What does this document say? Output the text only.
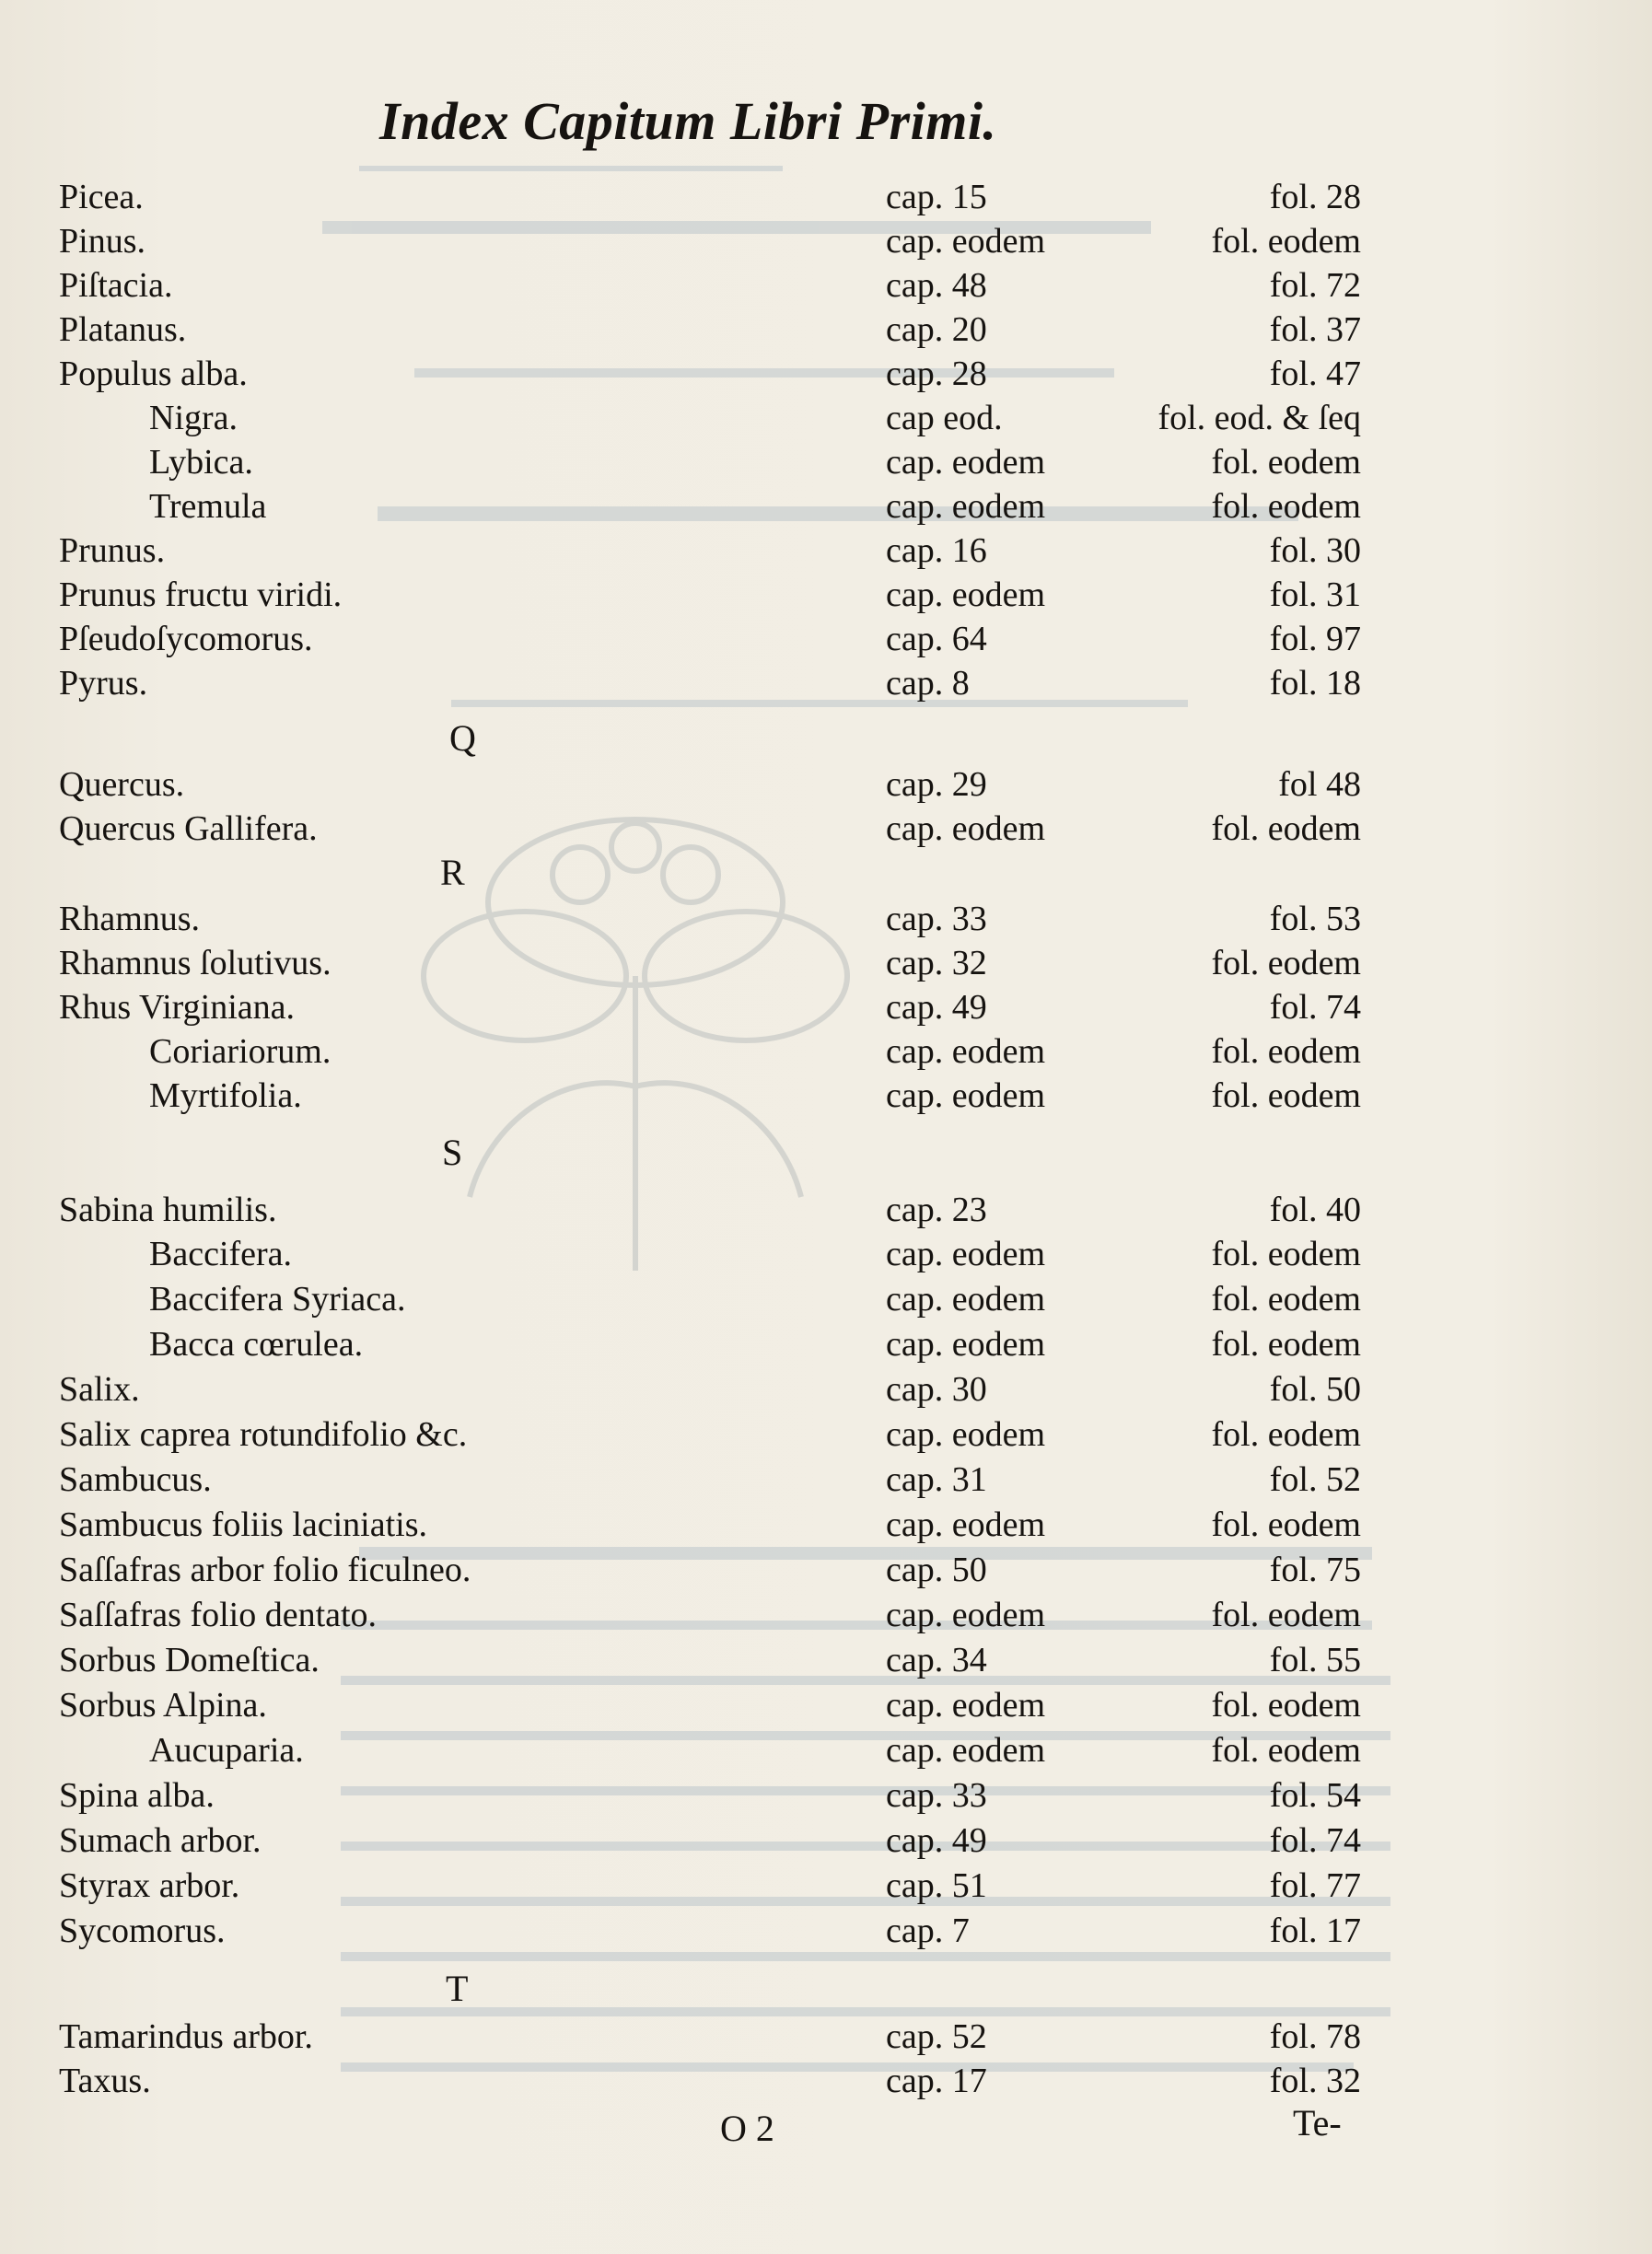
Index Capitum Libri Primi.
Picea.	cap. 15	fol. 28
Pinus.	cap. eodem	fol. eodem
Piſtacia.	cap. 48	fol. 72
Platanus.	cap. 20	fol. 37
Populus alba.	cap. 28	fol. 47
Nigra.	cap eod.	fol. eod. & ſeq
Lybica.	cap. eodem	fol. eodem
Tremula	cap. eodem	fol. eodem
Prunus.	cap. 16	fol. 30
Prunus fructu viridi.	cap. eodem	fol. 31
Pſeudoſycomorus.	cap. 64	fol. 97
Pyrus.	cap. 8	fol. 18
Q
Quercus.	cap. 29	fol 48
Quercus Gallifera.	cap. eodem	fol. eodem
R
Rhamnus.	cap. 33	fol. 53
Rhamnus ſolutivus.	cap. 32	fol. eodem
Rhus Virginiana.	cap. 49	fol. 74
Coriariorum.	cap. eodem	fol. eodem
Myrtifolia.	cap. eodem	fol. eodem
S
Sabina humilis.	cap. 23	fol. 40
Baccifera.	cap. eodem	fol. eodem
Baccifera Syriaca.	cap. eodem	fol. eodem
Bacca cœrulea.	cap. eodem	fol. eodem
Salix.	cap. 30	fol. 50
Salix caprea rotundifolio &c.	cap. eodem	fol. eodem
Sambucus.	cap. 31	fol. 52
Sambucus foliis laciniatis.	cap. eodem	fol. eodem
Saſſafras arbor folio ficulneo.	cap. 50	fol. 75
Saſſafras folio dentato.	cap. eodem	fol. eodem
Sorbus Domeſtica.	cap. 34	fol. 55
Sorbus Alpina.	cap. eodem	fol. eodem
Aucuparia.	cap. eodem	fol. eodem
Spina alba.	cap. 33	fol. 54
Sumach arbor.	cap. 49	fol. 74
Styrax arbor.	cap. 51	fol. 77
Sycomorus.	cap. 7	fol. 17
T
Tamarindus arbor.	cap. 52	fol. 78
Taxus.	cap. 17	fol. 32
O 2	Te-
